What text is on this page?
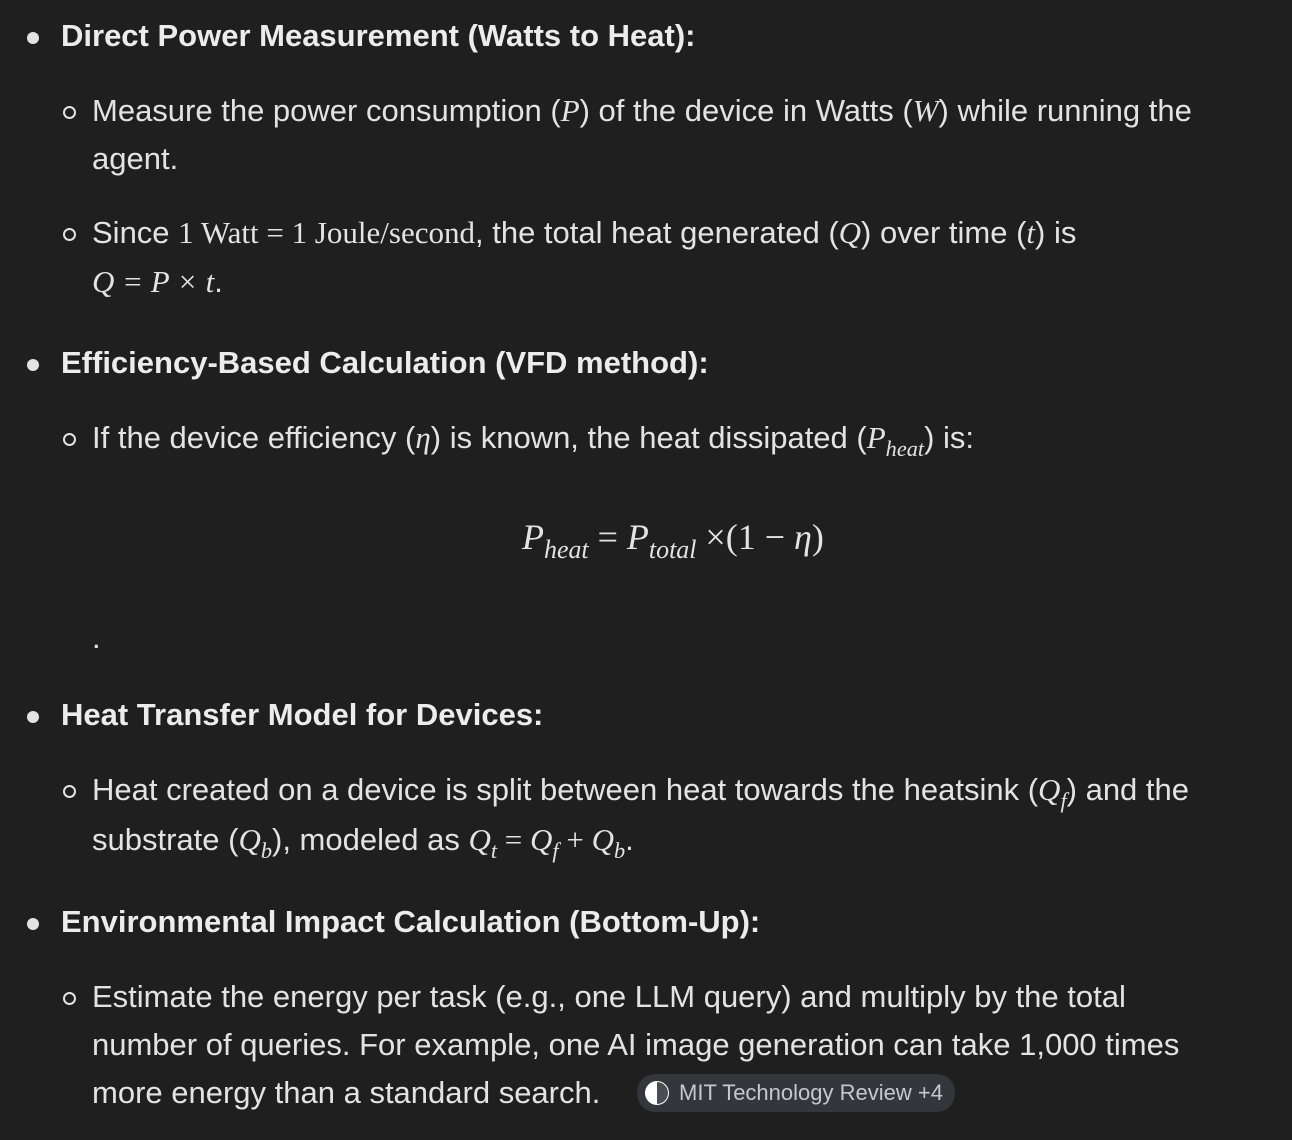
Direct Power Measurement (Watts to Heat):
Measure the power consumption (P) of the device in Watts (W) while running the
agent.
Since 1 Watt = 1 Joule/second, the total heat generated (Q) over time (t) is
Q = P × t.
Efficiency-Based Calculation (VFD method):
If the device efficiency (η) is known, the heat dissipated $(P_{heat})$ is:
$P_{heat} = P_{total} \times(1 - \eta)$
.
Heat Transfer Model for Devices:
Heat created on a device is split between heat towards the heatsink $(Q_f)$ and the
substrate $(Q_b)$, modeled as $Q_t = Q_f + Q_b$.
Environmental Impact Calculation (Bottom-Up):
Estimate the energy per task (e.g., one LLM query) and multiply by the total
number of queries. For example, one AI image generation can take 1,000 times
more energy than a standard search.	MIT Technology Review +4
